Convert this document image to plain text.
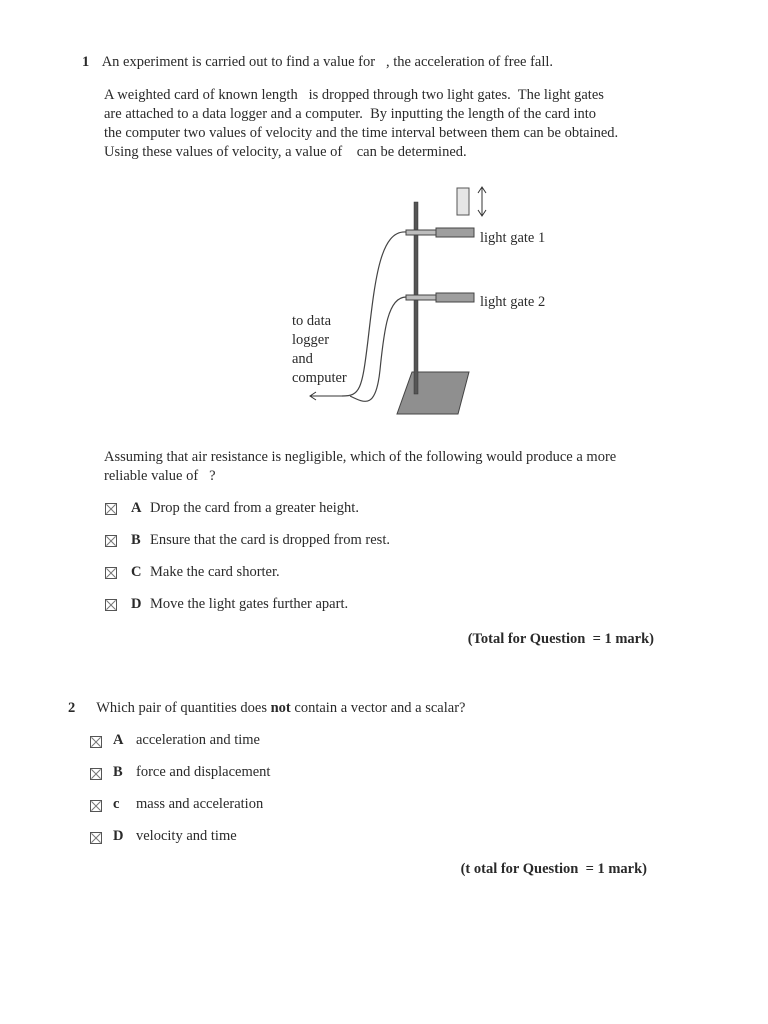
1 An experiment is carried out to find a value for   , the acceleration of free fall.
A weighted card of known length   is dropped through two light gates.  The light gates
are attached to a data logger and a computer.  By inputting the length of the card into
the computer two values of velocity and the time interval between them can be obtained.
Using these values of velocity, a value of    can be determined.
light gate 1
light gate 2
to data
logger
and
computer
Assuming that air resistance is negligible, which of the following would produce a more
reliable value of   ?
A Drop the card from a greater height.
B Ensure that the card is dropped from rest.
C Make the card shorter.
D Move the light gates further apart.
(Total for Question  = 1 mark)
2 Which pair of quantities does not contain a vector and a scalar?
A acceleration and time
B force and displacement
c mass and acceleration
D velocity and time
(t otal for Question  = 1 mark)
